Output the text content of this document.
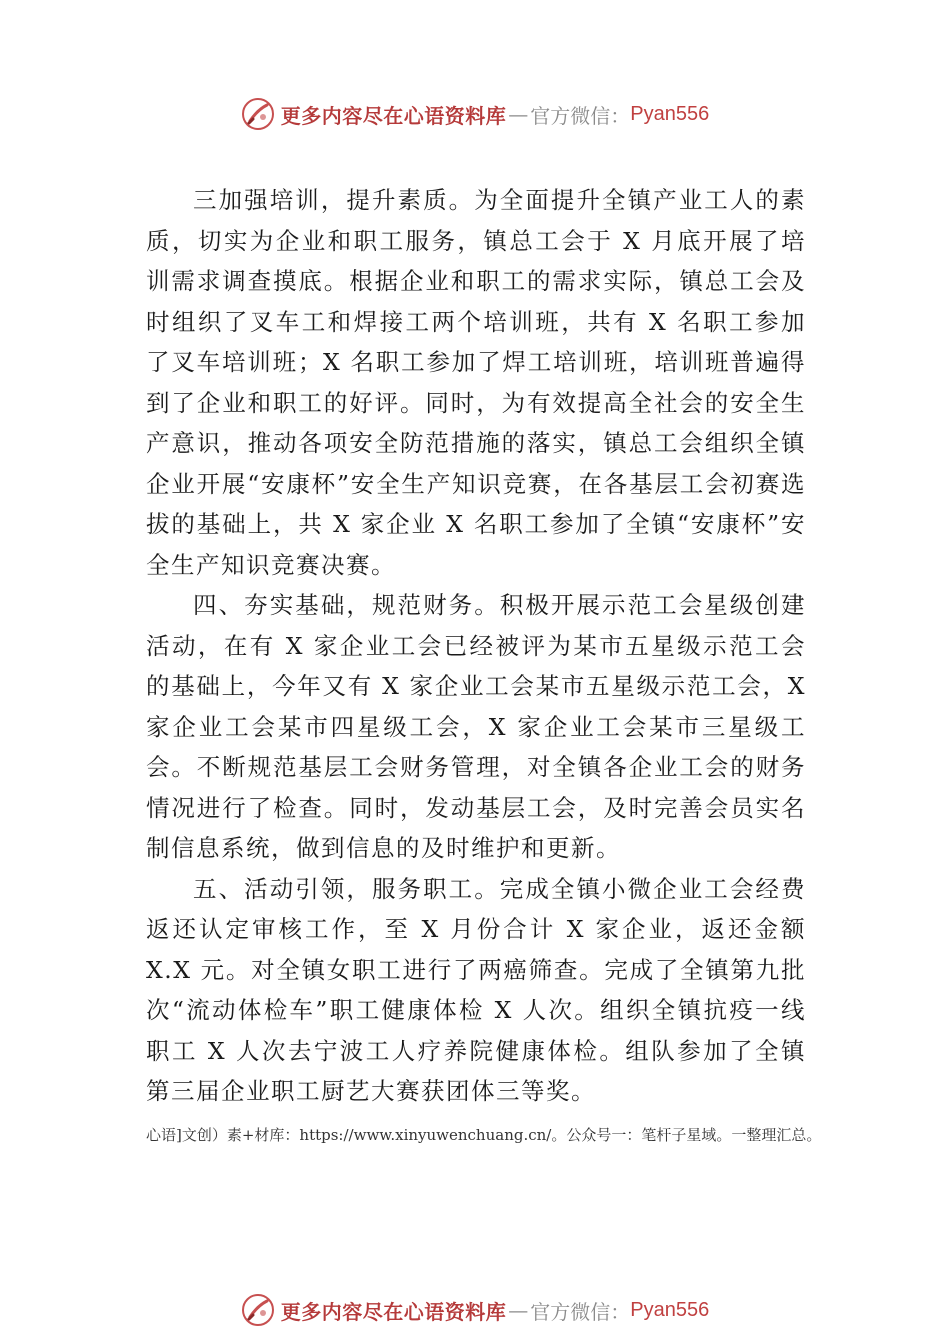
更多内容尽在心语资料库 — 官方微信： Pyan556

三加强培训，提升素质。为全面提升全镇产业工人的素质，切实为企业和职工服务，镇总工会于 X 月底开展了培训需求调查摸底。根据企业和职工的需求实际，镇总工会及时组织了叉车工和焊接工两个培训班，共有 X 名职工参加了叉车培训班；X 名职工参加了焊工培训班，培训班普遍得到了企业和职工的好评。同时，为有效提高全社会的安全生产意识，推动各项安全防范措施的落实，镇总工会组织全镇企业开展“安康杯”安全生产知识竞赛，在各基层工会初赛选拔的基础上，共 X 家企业 X 名职工参加了全镇“安康杯”安全生产知识竞赛决赛。

四、夯实基础，规范财务。积极开展示范工会星级创建活动，在有 X 家企业工会已经被评为某市五星级示范工会的基础上，今年又有 X 家企业工会某市五星级示范工会，X 家企业工会某市四星级工会，X 家企业工会某市三星级工会。不断规范基层工会财务管理，对全镇各企业工会的财务情况进行了检查。同时，发动基层工会，及时完善会员实名制信息系统，做到信息的及时维护和更新。

五、活动引领，服务职工。完成全镇小微企业工会经费返还认定审核工作，至 X 月份合计 X 家企业，返还金额 X.X 元。对全镇女职工进行了两癌筛查。完成了全镇第九批次“流动体检车”职工健康体检 X 人次。组织全镇抗疫一线职工 X 人次去宁波工人疗养院健康体检。组队参加了全镇第三届企业职工厨艺大赛获团体三等奖。

心语]文创）素+材库：https://www.xinyuwenchuang.cn/。公众号一：笔杆子星域。一整理汇总。
更多内容尽在心语资料库 — 官方微信： Pyan556
